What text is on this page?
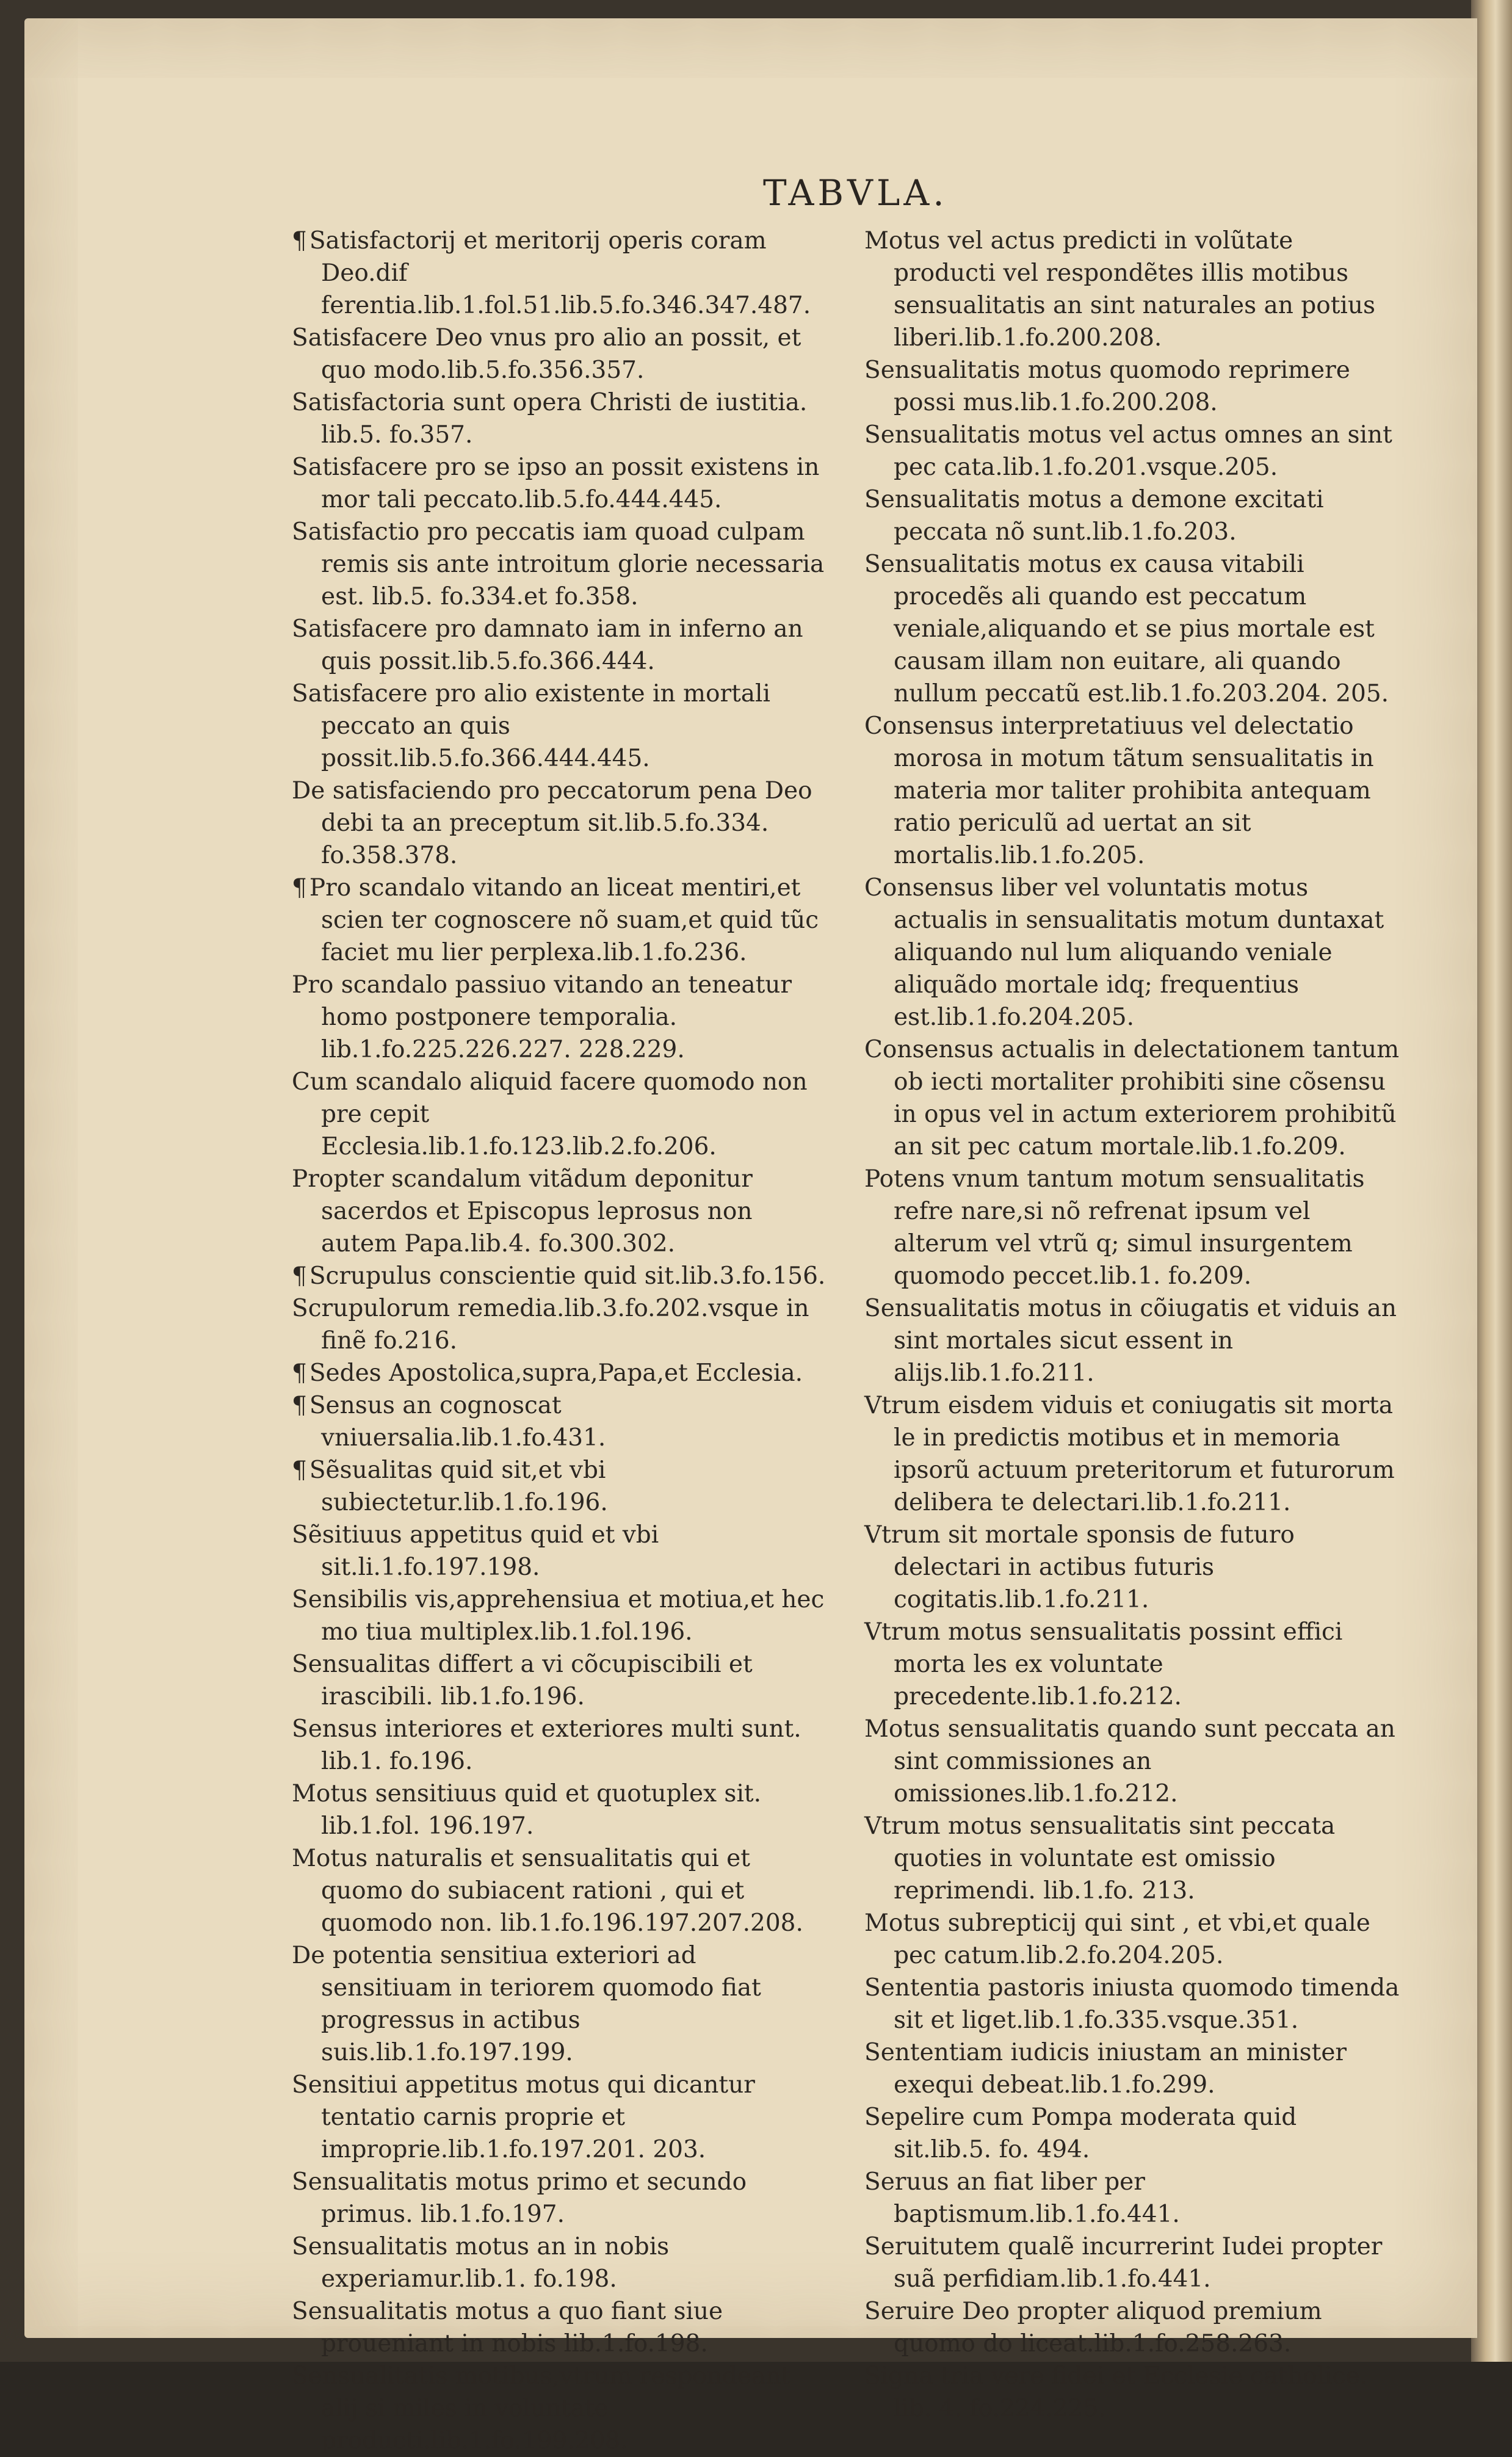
TABVLA.

¶ Satisfactorij et meritorij operis coram Deo.dif ferentia.lib.1.fol.51.lib.5.fo.346.347.487.

Satisfacere Deo vnus pro alio an possit, et quo modo.lib.5.fo.356.357.

Satisfactoria sunt opera Christi de iustitia. lib.5. fo.357.

Satisfacere pro se ipso an possit existens in mor tali peccato.lib.5.fo.444.445.

Satisfactio pro peccatis iam quoad culpam remis sis ante introitum glorie necessaria est. lib.5. fo.334.et fo.358.

Satisfacere pro damnato iam in inferno an quis possit.lib.5.fo.366.444.

Satisfacere pro alio existente in mortali peccato an quis possit.lib.5.fo.366.444.445.

De satisfaciendo pro peccatorum pena Deo debi ta an preceptum sit.lib.5.fo.334. fo.358.378.

¶ Pro scandalo vitando an liceat mentiri,et scien ter cognoscere nõ suam,et quid tũc faciet mu lier perplexa.lib.1.fo.236.

Pro scandalo passiuo vitando an teneatur homo postponere temporalia. lib.1.fo.225.226.227. 228.229.

Cum scandalo aliquid facere quomodo non pre cepit Ecclesia.lib.1.fo.123.lib.2.fo.206.

Propter scandalum vitãdum deponitur sacerdos et Episcopus leprosus non autem Papa.lib.4. fo.300.302.

¶ Scrupulus conscientie quid sit.lib.3.fo.156.

Scrupulorum remedia.lib.3.fo.202.vsque in finẽ fo.216.

¶ Sedes Apostolica,supra,Papa,et Ecclesia.

¶ Sensus an cognoscat vniuersalia.lib.1.fo.431.

¶ Sẽsualitas quid sit,et vbi subiectetur.lib.1.fo.196.

Sẽsitiuus appetitus quid et vbi sit.li.1.fo.197.198.

Sensibilis vis,apprehensiua et motiua,et hec mo tiua multiplex.lib.1.fol.196.

Sensualitas differt a vi cõcupiscibili et irascibili. lib.1.fo.196.

Sensus interiores et exteriores multi sunt. lib.1. fo.196.

Motus sensitiuus quid et quotuplex sit. lib.1.fol. 196.197.

Motus naturalis et sensualitatis qui et quomo do subiacent rationi , qui et quomodo non. lib.1.fo.196.197.207.208.

De potentia sensitiua exteriori ad sensitiuam in teriorem quomodo fiat progressus in actibus suis.lib.1.fo.197.199.

Sensitiui appetitus motus qui dicantur tentatio carnis proprie et improprie.lib.1.fo.197.201. 203.

Sensualitatis motus primo et secundo primus. lib.1.fo.197.

Sensualitatis motus an in nobis experiamur.lib.1. fo.198.

Sensualitatis motus a quo fiant siue proueniant in nobis lib.1.fo.198.

Sensualitatis motibus,vtrum respondeant alij si miles in voluntate producti.lib.1.fo.199.208.

Motus vel actus predicti in volũtate producti vel respondẽtes illis motibus sensualitatis an sint naturales an potius liberi.lib.1.fo.200.208.

Sensualitatis motus quomodo reprimere possi mus.lib.1.fo.200.208.

Sensualitatis motus vel actus omnes an sint pec cata.lib.1.fo.201.vsque.205.

Sensualitatis motus a demone excitati peccata nõ sunt.lib.1.fo.203.

Sensualitatis motus ex causa vitabili procedẽs ali quando est peccatum veniale,aliquando et se pius mortale est causam illam non euitare, ali quando nullum peccatũ est.lib.1.fo.203.204. 205.

Consensus interpretatiuus vel delectatio morosa in motum tãtum sensualitatis in materia mor taliter prohibita antequam ratio periculũ ad uertat an sit mortalis.lib.1.fo.205.

Consensus liber vel voluntatis motus actualis in sensualitatis motum duntaxat aliquando nul lum aliquando veniale aliquãdo mortale idq; frequentius est.lib.1.fo.204.205.

Consensus actualis in delectationem tantum ob iecti mortaliter prohibiti sine cõsensu in opus vel in actum exteriorem prohibitũ an sit pec catum mortale.lib.1.fo.209.

Potens vnum tantum motum sensualitatis refre nare,si nõ refrenat ipsum vel alterum vel vtrũ q; simul insurgentem quomodo peccet.lib.1. fo.209.

Sensualitatis motus in cõiugatis et viduis an sint mortales sicut essent in alijs.lib.1.fo.211.

Vtrum eisdem viduis et coniugatis sit morta le in predictis motibus et in memoria ipsorũ actuum preteritorum et futurorum delibera te delectari.lib.1.fo.211.

Vtrum sit mortale sponsis de futuro delectari in actibus futuris cogitatis.lib.1.fo.211.

Vtrum motus sensualitatis possint effici morta les ex voluntate precedente.lib.1.fo.212.

Motus sensualitatis quando sunt peccata an sint commissiones an omissiones.lib.1.fo.212.

Vtrum motus sensualitatis sint peccata quoties in voluntate est omissio reprimendi. lib.1.fo. 213.

Motus subrepticij qui sint , et vbi,et quale pec catum.lib.2.fo.204.205.

Sententia pastoris iniusta quomodo timenda sit et liget.lib.1.fo.335.vsque.351.

Sententiam iudicis iniustam an minister exequi debeat.lib.1.fo.299.

Sepelire cum Pompa moderata quid sit.lib.5. fo. 494.

Seruus an fiat liber per baptismum.lib.1.fo.441.

Seruitutem qualẽ incurrerint Iudei propter suã perfidiam.lib.1.fo.441.

Seruire Deo propter aliquod premium quomo do liceat.lib.1.fo.258.263.

Signa tria vere fidei et Ecclesie catholice. lib. 4. fo.224.225.
